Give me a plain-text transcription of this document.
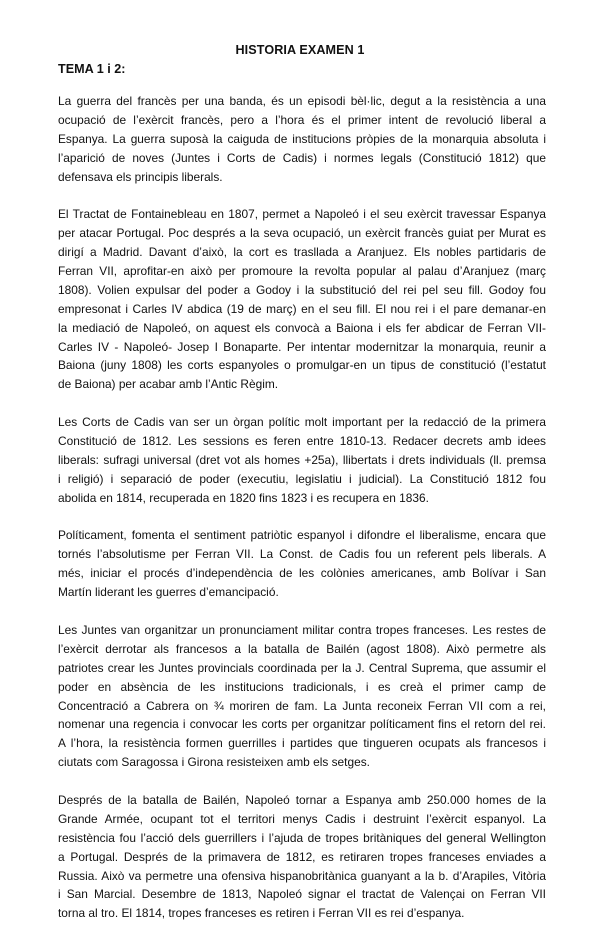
HISTORIA EXAMEN 1
TEMA 1 i 2:
La guerra del francès per una banda, és un episodi bèl·lic, degut a la resistència a una
ocupació de l’exèrcit francès, pero a l’hora és el primer intent de revolució liberal a
Espanya. La guerra suposà la caiguda de institucions pròpies de la monarquia absoluta i
l’aparició de noves (Juntes i Corts de Cadis) i normes legals (Constitució 1812) que
defensava els principis liberals.
El Tractat de Fontainebleau en 1807, permet a Napoleó i el seu exèrcit travessar Espanya
per atacar Portugal. Poc després a la seva ocupació, un exèrcit francès guiat per Murat es
dirigí a Madrid. Davant d’això, la cort es trasllada a Aranjuez. Els nobles partidaris de
Ferran VII, aprofitar-en això per promoure la revolta popular al palau d’Aranjuez (març
1808). Volien expulsar del poder a Godoy i la substitució del rei pel seu fill. Godoy fou
empresonat i Carles IV abdica (19 de març) en el seu fill. El nou rei i el pare demanar-en
la mediació de Napoleó, on aquest els convocà a Baiona i els fer abdicar de Ferran VII-
Carles IV - Napoleó- Josep I Bonaparte. Per intentar modernitzar la monarquia, reunir a
Baiona (juny 1808) les corts espanyoles o promulgar-en un tipus de constitució (l’estatut
de Baiona) per acabar amb l’Antic Règim.
Les Corts de Cadis van ser un òrgan polític molt important per la redacció de la primera
Constitució de 1812. Les sessions es feren entre 1810-13. Redacer decrets amb idees
liberals: sufragi universal (dret vot als homes +25a), llibertats i drets individuals (ll. premsa
i religió) i separació de poder (executiu, legislatiu i judicial). La Constitució 1812 fou
abolida en 1814, recuperada en 1820 fins 1823 i es recupera en 1836.
Políticament, fomenta el sentiment patriòtic espanyol i difondre el liberalisme, encara que
tornés l’absolutisme per Ferran VII. La Const. de Cadis fou un referent pels liberals. A
més, iniciar el procés d’independència de les colònies americanes, amb Bolívar i San
Martín liderant les guerres d’emancipació.
Les Juntes van organitzar un pronunciament militar contra tropes franceses. Les restes de
l’exèrcit derrotar als francesos a la batalla de Bailén (agost 1808). Això permetre als
patriotes crear les Juntes provincials coordinada per la J. Central Suprema, que assumir el
poder en absència de les institucions tradicionals, i es creà el primer camp de
Concentració a Cabrera on ¾ moriren de fam. La Junta reconeix Ferran VII com a rei,
nomenar una regencia i convocar les corts per organitzar políticament fins el retorn del rei.
A l’hora, la resistència formen guerrilles i partides que tingueren ocupats als francesos i
ciutats com Saragossa i Girona resisteixen amb els setges.
Després de la batalla de Bailén, Napoleó tornar a Espanya amb 250.000 homes de la
Grande Armée, ocupant tot el territori menys Cadis i destruint l’exèrcit espanyol. La
resistència fou l’acció dels guerrillers i l’ajuda de tropes britàniques del general Wellington
a Portugal. Després de la primavera de 1812, es retiraren tropes franceses enviades a
Russia. Això va permetre una ofensiva hispanobritànica guanyant a la b. d’Arapiles, Vitòria
i San Marcial. Desembre de 1813, Napoleó signar el tractat de Valençai on Ferran VII
torna al tro. El 1814, tropes franceses es retiren i Ferran VII es rei d’espanya.
